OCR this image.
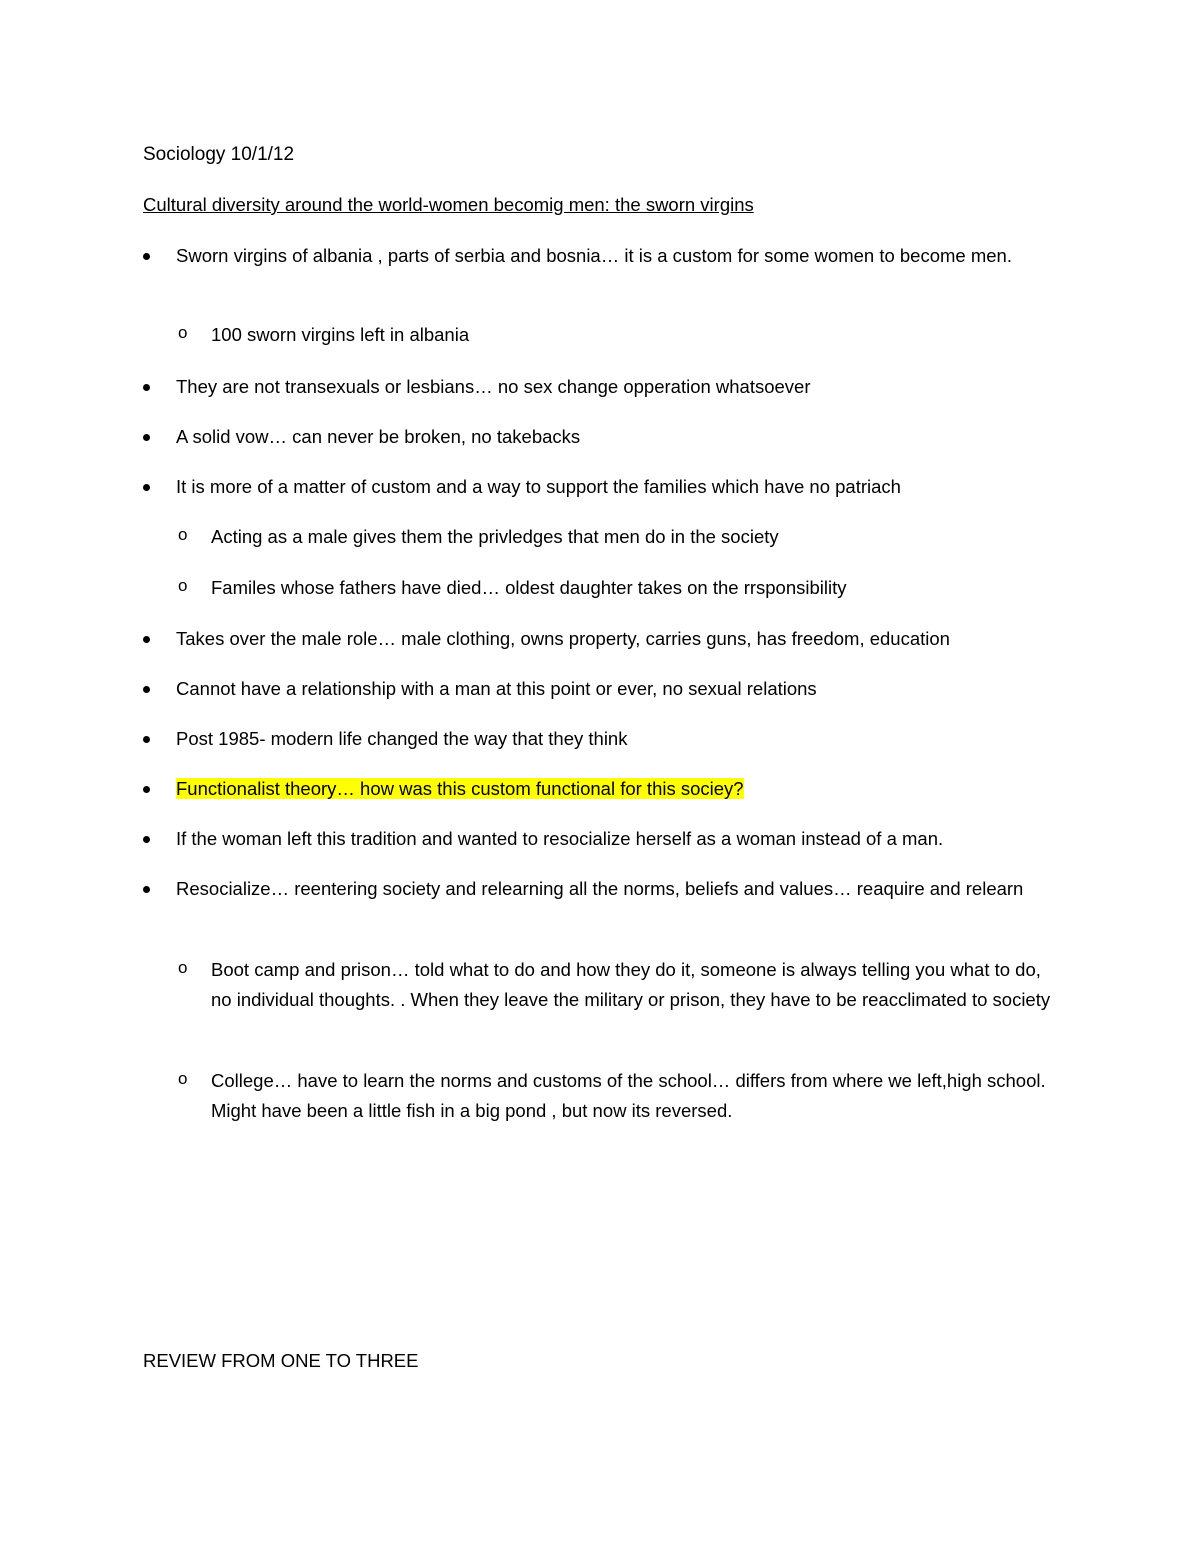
Sociology 10/1/12
Cultural diversity around the world-women becomig men: the sworn virgins
Sworn virgins of albania , parts of serbia and bosnia… it is a custom for some women to become men.
o 100 sworn virgins left in albania
They are not transexuals or lesbians… no sex change opperation whatsoever
A solid vow… can never be broken, no takebacks
It is more of a matter of custom and a way to support the families which have no patriach
o Acting as a male gives them the privledges that men do in the society
o Familes whose fathers have died… oldest daughter takes on the rrsponsibility
Takes over the male role… male clothing, owns property, carries guns, has freedom, education
Cannot have a relationship with a man at this point or ever, no sexual relations
Post 1985- modern life changed the way that they think
Functionalist theory… how was this custom functional for this sociey?
If the woman left this tradition and wanted to resocialize herself as a woman instead of a man.
Resocialize… reentering society and relearning all the norms, beliefs and values… reaquire and relearn
o Boot camp and prison… told what to do and how they do it, someone is always telling you what to do, no individual thoughts. . When they leave the military or prison, they have to be reacclimated to society
o College… have to learn the norms and customs of the school… differs from where we left,high school. Might have been a little fish in a big pond , but now its reversed.
REVIEW FROM ONE TO THREE
